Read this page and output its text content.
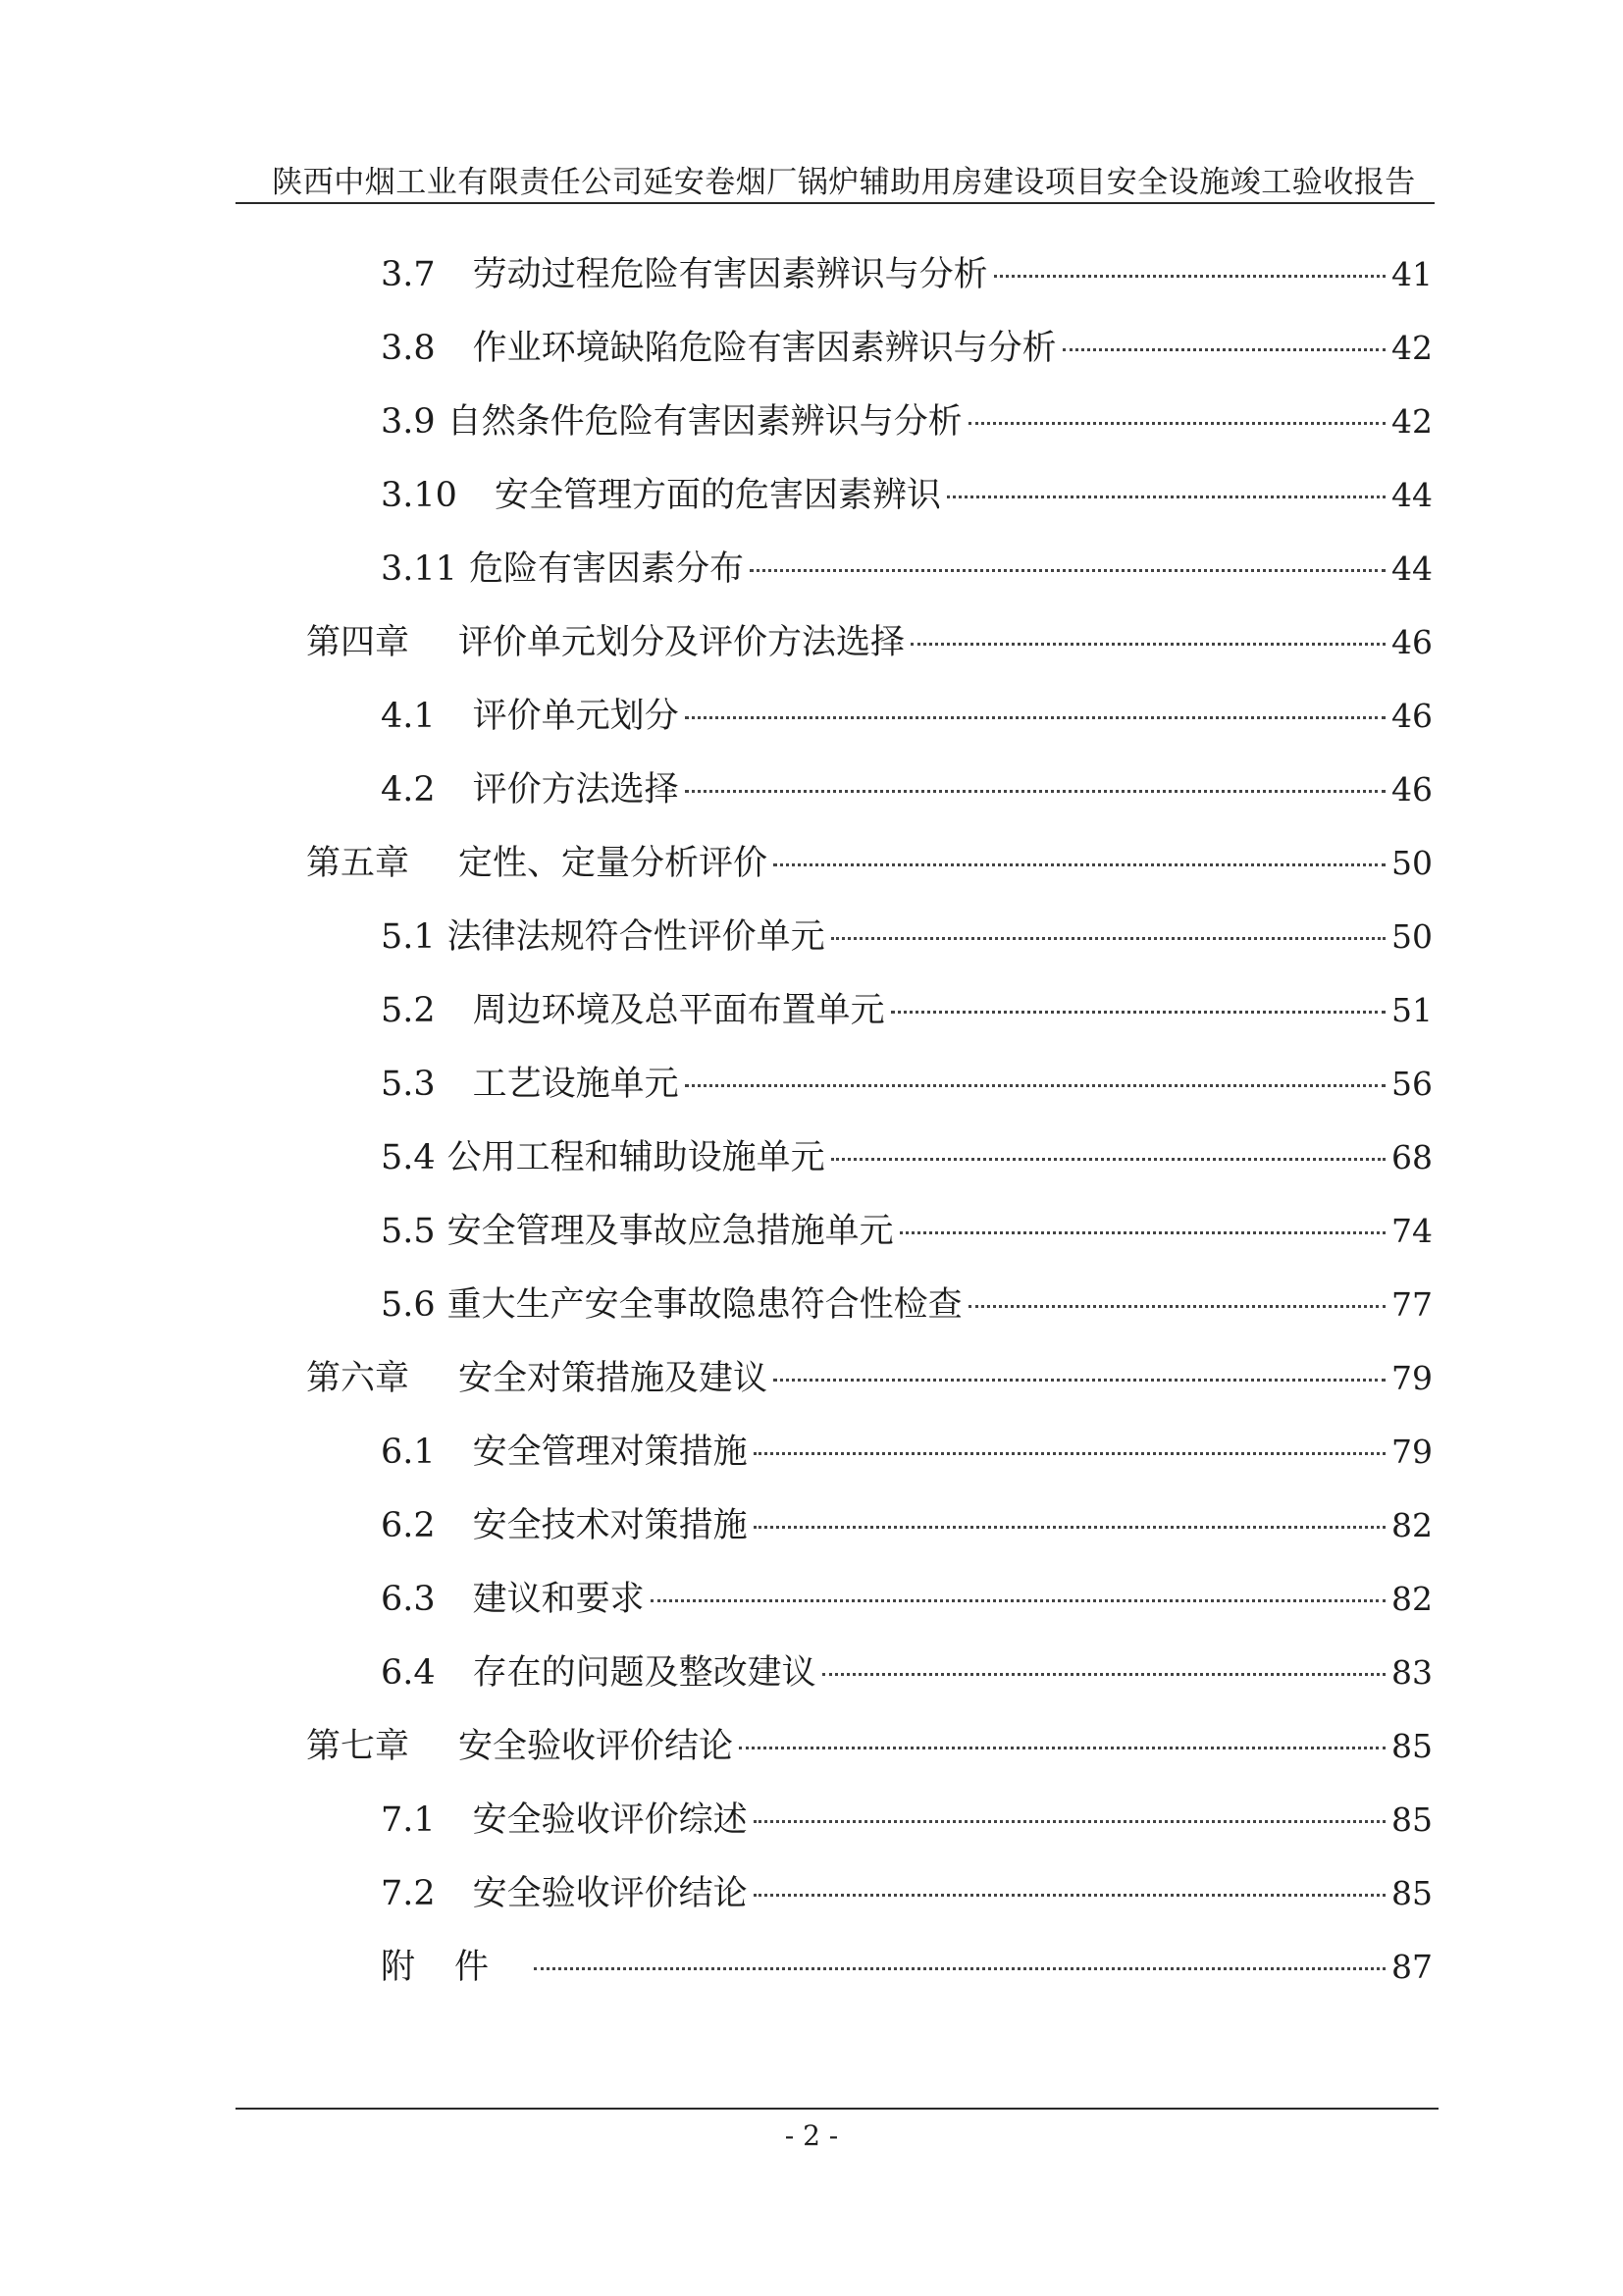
陕西中烟工业有限责任公司延安卷烟厂锅炉辅助用房建设项目安全设施竣工验收报告
3.7 劳动过程危险有害因素辨识与分析	41
3.8 作业环境缺陷危险有害因素辨识与分析	42
3.9 自然条件危险有害因素辨识与分析	42
3.10 安全管理方面的危害因素辨识	44
3.11 危险有害因素分布	44
第四章 评价单元划分及评价方法选择	46
4.1 评价单元划分	46
4.2 评价方法选择	46
第五章 定性、定量分析评价	50
5.1 法律法规符合性评价单元	50
5.2 周边环境及总平面布置单元	51
5.3 工艺设施单元	56
5.4 公用工程和辅助设施单元	68
5.5 安全管理及事故应急措施单元	74
5.6 重大生产安全事故隐患符合性检查	77
第六章 安全对策措施及建议	79
6.1 安全管理对策措施	79
6.2 安全技术对策措施	82
6.3 建议和要求	82
6.4 存在的问题及整改建议	83
第七章 安全验收评价结论	85
7.1 安全验收评价综述	85
7.2 安全验收评价结论	85
附件	87
- 2 -
